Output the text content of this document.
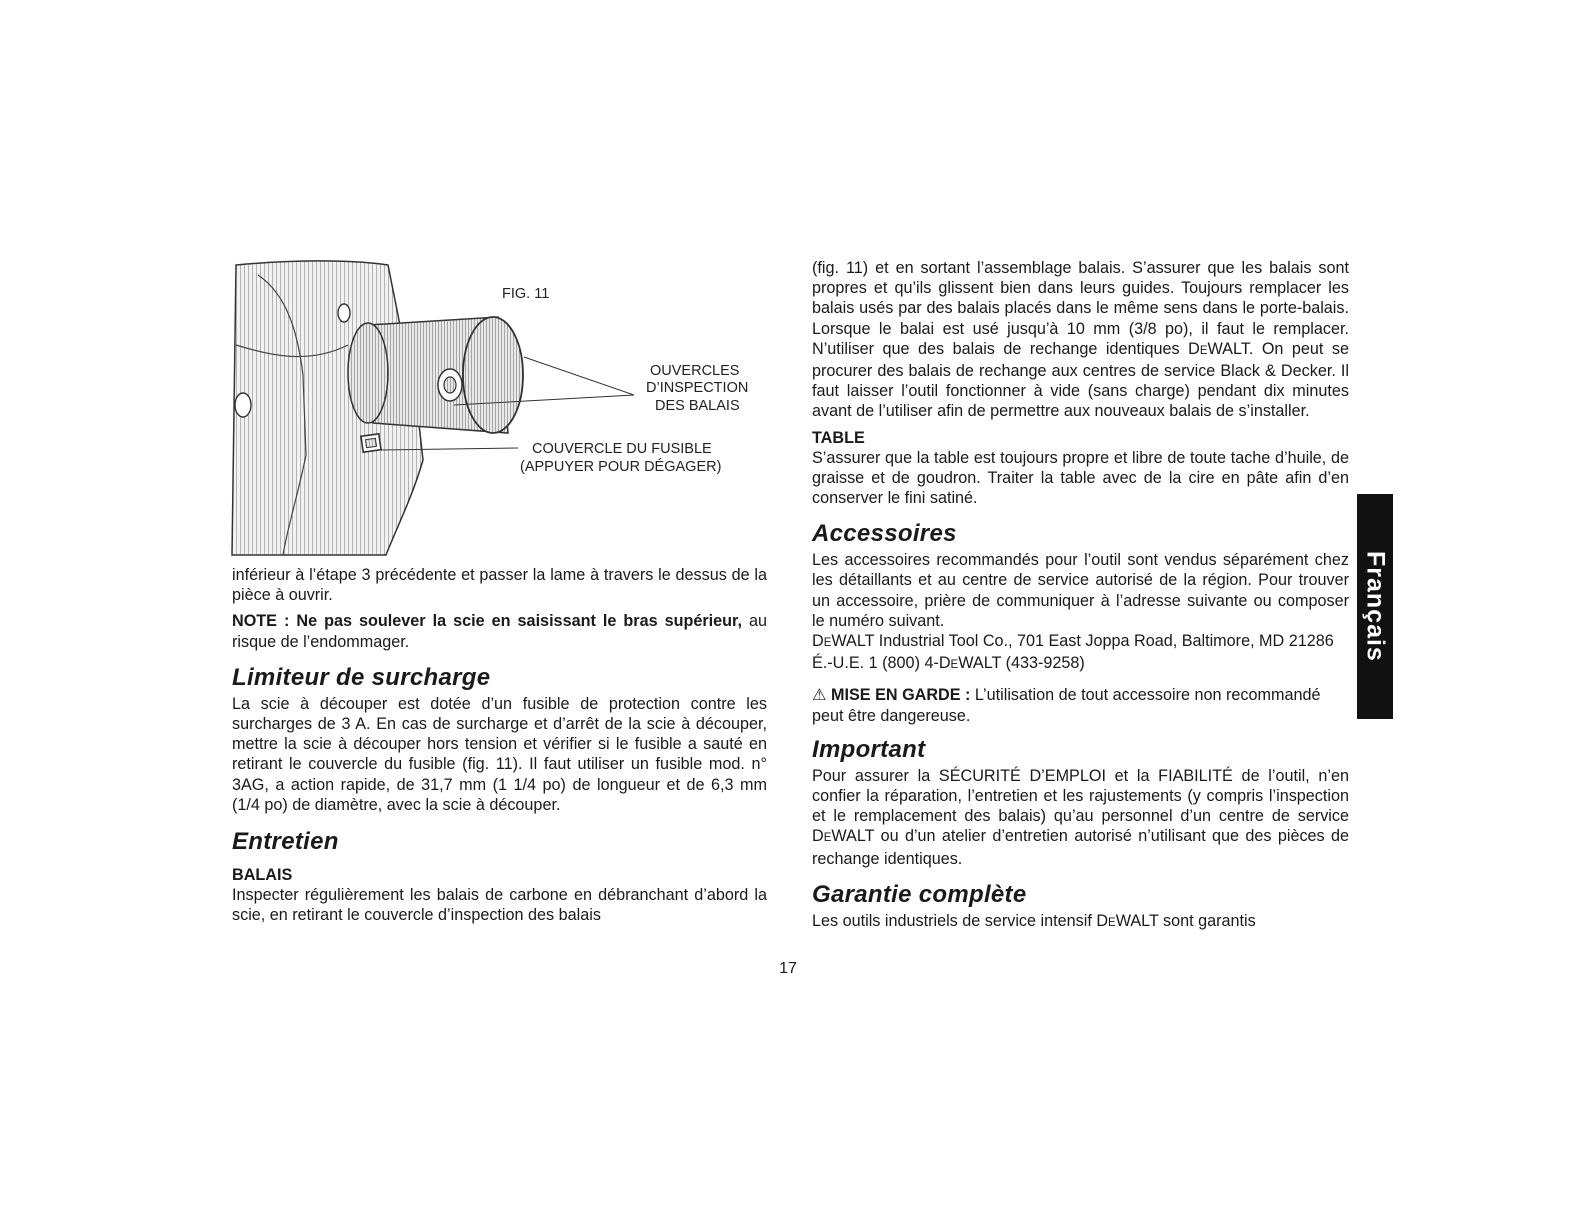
FIG. 11
OUVERCLES
D’INSPECTION
DES BALAIS
COUVERCLE DU FUSIBLE
(APPUYER POUR DÉGAGER)

inférieur à l’étape 3 précédente et passer la lame à travers le dessus de la pièce à ouvrir.

NOTE : Ne pas soulever la scie en saisissant le bras supérieur, au risque de l’endommager.

Limiteur de surcharge

La scie à découper est dotée d’un fusible de protection contre les surcharges de 3 A. En cas de surcharge et d’arrêt de la scie à découper, mettre la scie à découper hors tension et vérifier si le fusible a sauté en retirant le couvercle du fusible (fig. 11). Il faut utiliser un fusible mod. n° 3AG, a action rapide, de 31,7 mm (1 1/4 po) de longueur et de 6,3 mm (1/4 po) de diamètre, avec la scie à découper.

Entretien
BALAIS

Inspecter régulièrement les balais de carbone en débranchant d’abord la scie, en retirant le couvercle d’inspection des balais

(fig. 11) et en sortant l’assemblage balais. S’assurer que les balais sont propres et qu’ils glissent bien dans leurs guides. Toujours remplacer les balais usés par des balais placés dans le même sens dans le porte-balais. Lorsque le balai est usé jusqu’à 10 mm (3/8 po), il faut le remplacer. N’utiliser que des balais de rechange identiques DEWALT. On peut se procurer des balais de rechange aux centres de service Black & Decker. Il faut laisser l’outil fonctionner à vide (sans charge) pendant dix minutes avant de l’utiliser afin de permettre aux nouveaux balais de s’installer.

TABLE

S’assurer que la table est toujours propre et libre de toute tache d’huile, de graisse et de goudron. Traiter la table avec de la cire en pâte afin d’en conserver le fini satiné.

Accessoires

Les accessoires recommandés pour l’outil sont vendus séparément chez les détaillants et au centre de service autorisé de la région. Pour trouver un accessoire, prière de communiquer à l’adresse suivante ou composer le numéro suivant.

DEWALT Industrial Tool Co., 701 East Joppa Road, Baltimore, MD 21286 É.-U.E. 1 (800) 4-DEWALT (433-9258)

⚠ MISE EN GARDE : L’utilisation de tout accessoire non recommandé peut être dangereuse.

Important

Pour assurer la SÉCURITÉ D’EMPLOI et la FIABILITÉ de l’outil, n’en confier la réparation, l’entretien et les rajustements (y compris l’inspection et le remplacement des balais) qu’au personnel d’un centre de service DEWALT ou d’un atelier d’entretien autorisé n’utilisant que des pièces de rechange identiques.

Garantie complète

Les outils industriels de service intensif DEWALT sont garantis

Français
17
